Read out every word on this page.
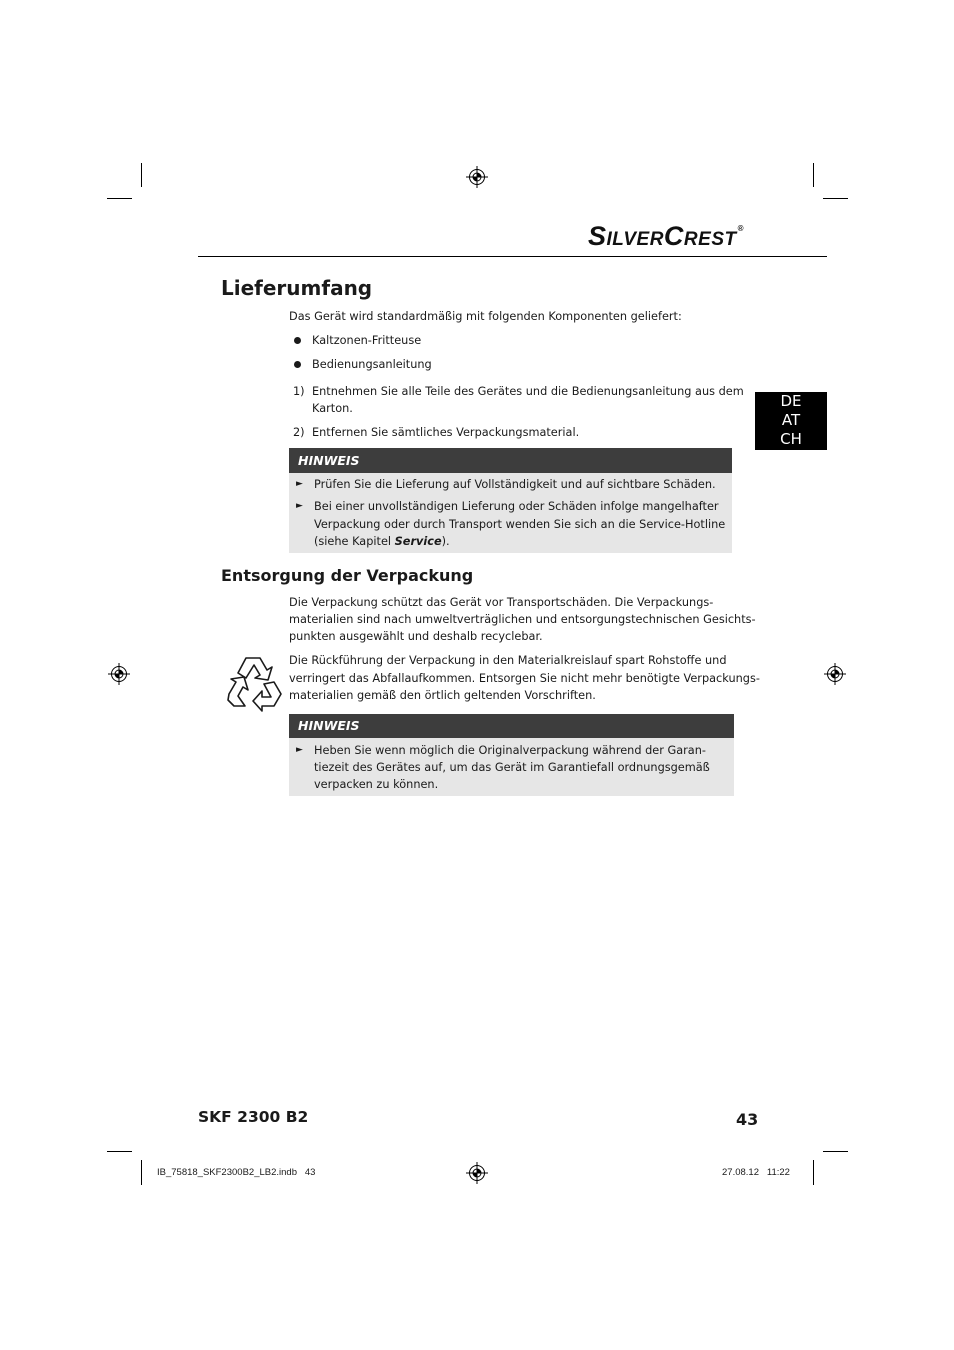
SILVERCREST®
DE
AT
CH
Lieferumfang
Das Gerät wird standardmäßig mit folgenden Komponenten geliefert:
Kaltzonen-Fritteuse
Bedienungsanleitung
1) Entnehmen Sie alle Teile des Gerätes und die Bedienungsanleitung aus dem
Karton.
2) Entfernen Sie sämtliches Verpackungsmaterial.
HINWEIS
► Prüfen Sie die Lieferung auf Vollständigkeit und auf sichtbare Schäden.
► Bei einer unvollständigen Lieferung oder Schäden infolge mangelhafter
Verpackung oder durch Transport wenden Sie sich an die Service-Hotline
(siehe Kapitel Service).
Entsorgung der Verpackung
Die Verpackung schützt das Gerät vor Transportschäden. Die Verpackungs-
materialien sind nach umweltverträglichen und entsorgungstechnischen Gesichts-
punkten ausgewählt und deshalb recyclebar.
Die Rückführung der Verpackung in den Materialkreislauf spart Rohstoffe und
verringert das Abfallaufkommen. Entsorgen Sie nicht mehr benötigte Verpackungs-
materialien gemäß den örtlich geltenden Vorschriften.
HINWEIS
► Heben Sie wenn möglich die Originalverpackung während der Garan-
tiezeit des Gerätes auf, um das Gerät im Garantiefall ordnungsgemäß
verpacken zu können.
SKF 2300 B2	43
IB_75818_SKF2300B2_LB2.indb   43	27.08.12   11:22
